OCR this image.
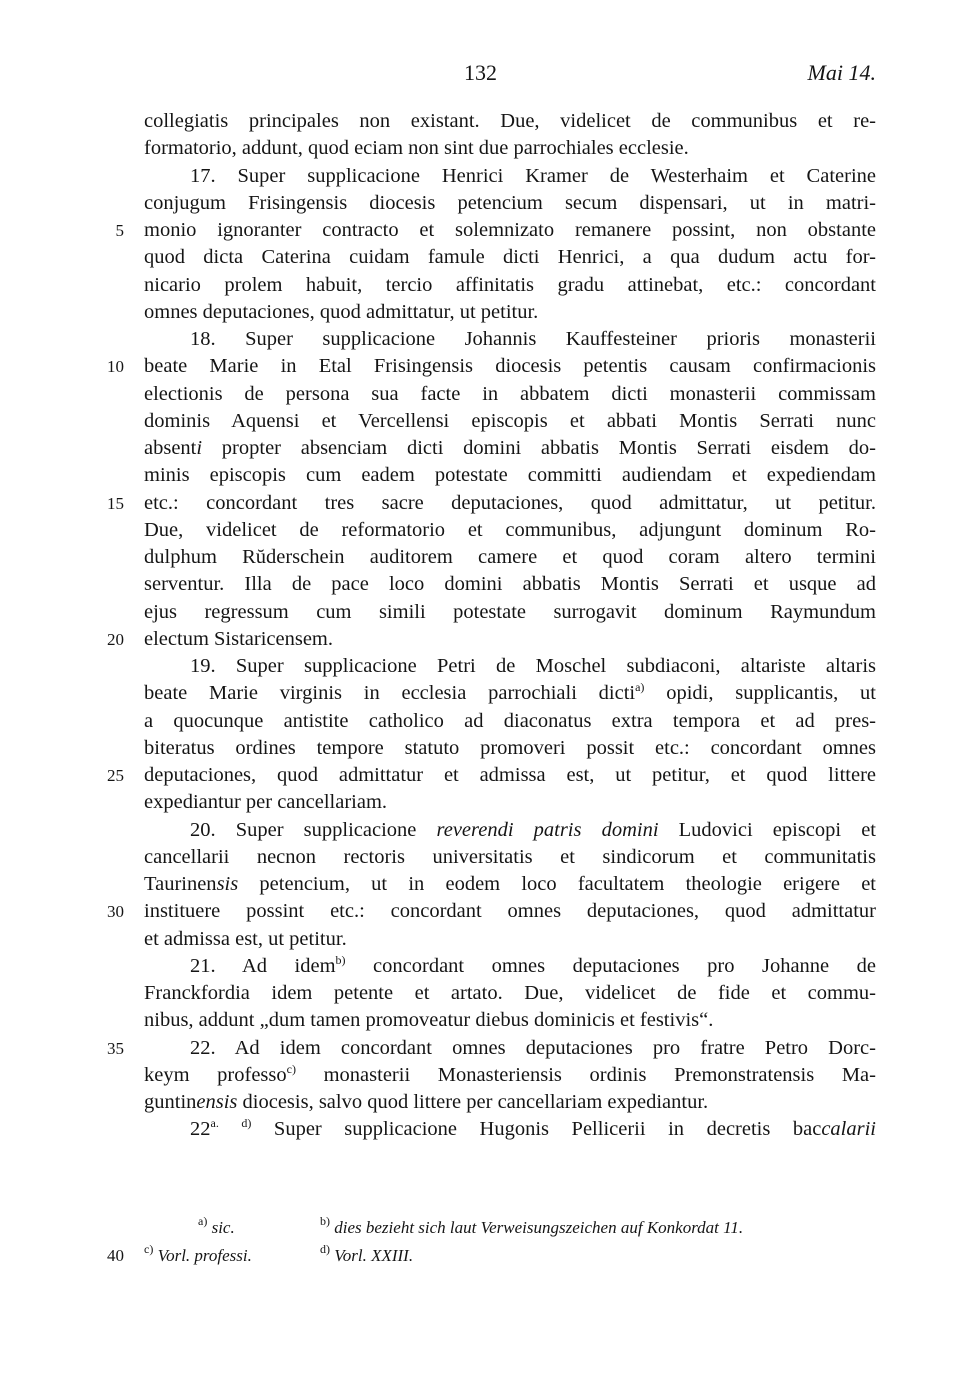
132	Mai 14.
collegiatis principales non existant. Due, videlicet de communibus et re-
formatorio, addunt, quod eciam non sint due parrochiales ecclesie.
17. Super supplicacione Henrici Kramer de Westerhaim et Caterine
conjugum Frisingensis diocesis petencium secum dispensari, ut in matri-
5 monio ignoranter contracto et solemnizato remanere possint, non obstante
quod dicta Caterina cuidam famule dicti Henrici, a qua dudum actu for-
nicario prolem habuit, tercio affinitatis gradu attinebat, etc.: concordant
omnes deputaciones, quod admittatur, ut petitur.
18. Super supplicacione Johannis Kauffesteiner prioris monasterii
10 beate Marie in Etal Frisingensis diocesis petentis causam confirmacionis
electionis de persona sua facte in abbatem dicti monasterii commissam
dominis Aquensi et Vercellensi episcopis et abbati Montis Serrati nunc
absenti propter absenciam dicti domini abbatis Montis Serrati eisdem do-
minis episcopis cum eadem potestate committi audiendam et expediendam
15 etc.: concordant tres sacre deputaciones, quod admittatur, ut petitur.
Due, videlicet de reformatorio et communibus, adjungunt dominum Ro-
dulphum Rŭderschein auditorem camere et quod coram altero termini
serventur. Illa de pace loco domini abbatis Montis Serrati et usque ad
ejus regressum cum simili potestate surrogavit dominum Raymundum
20 electum Sistaricensem.
19. Super supplicacione Petri de Moschel subdiaconi, altariste altaris
beate Marie virginis in ecclesia parrochiali dicti$^{a)}$ opidi, supplicantis, ut
a quocunque antistite catholico ad diaconatus extra tempora et ad pres-
biteratus ordines tempore statuto promoveri possit etc.: concordant omnes
25 deputaciones, quod admittatur et admissa est, ut petitur, et quod littere
expediantur per cancellariam.
20. Super supplicacione reverendi patris domini Ludovici episcopi et
cancellarii necnon rectoris universitatis et sindicorum et communitatis
Taurinensis petencium, ut in eodem loco facultatem theologie erigere et
30 instituere possint etc.: concordant omnes deputaciones, quod admittatur
et admissa est, ut petitur.
21. Ad idem$^{b)}$ concordant omnes deputaciones pro Johanne de
Franckfordia idem petente et artato. Due, videlicet de fide et commu-
nibus, addunt „dum tamen promoveatur diebus dominicis et festivis“.
35	22. Ad idem concordant omnes deputaciones pro fratre Petro Dorc-
keym professo$^{c)}$ monasterii Monasteriensis ordinis Premonstratensis Ma-
guntinensis diocesis, salvo quod littere per cancellariam expediantur.
$22^{a.}$ $^{d)}$ Super supplicacione Hugonis Pellicerii in decretis baccalarii
$^{a)}$ sic.	$^{b)}$ dies bezieht sich laut Verweisungszeichen auf Konkordat 11.
40 $^{c)}$ Vorl. professi.	$^{d)}$ Vorl. XXIII.
